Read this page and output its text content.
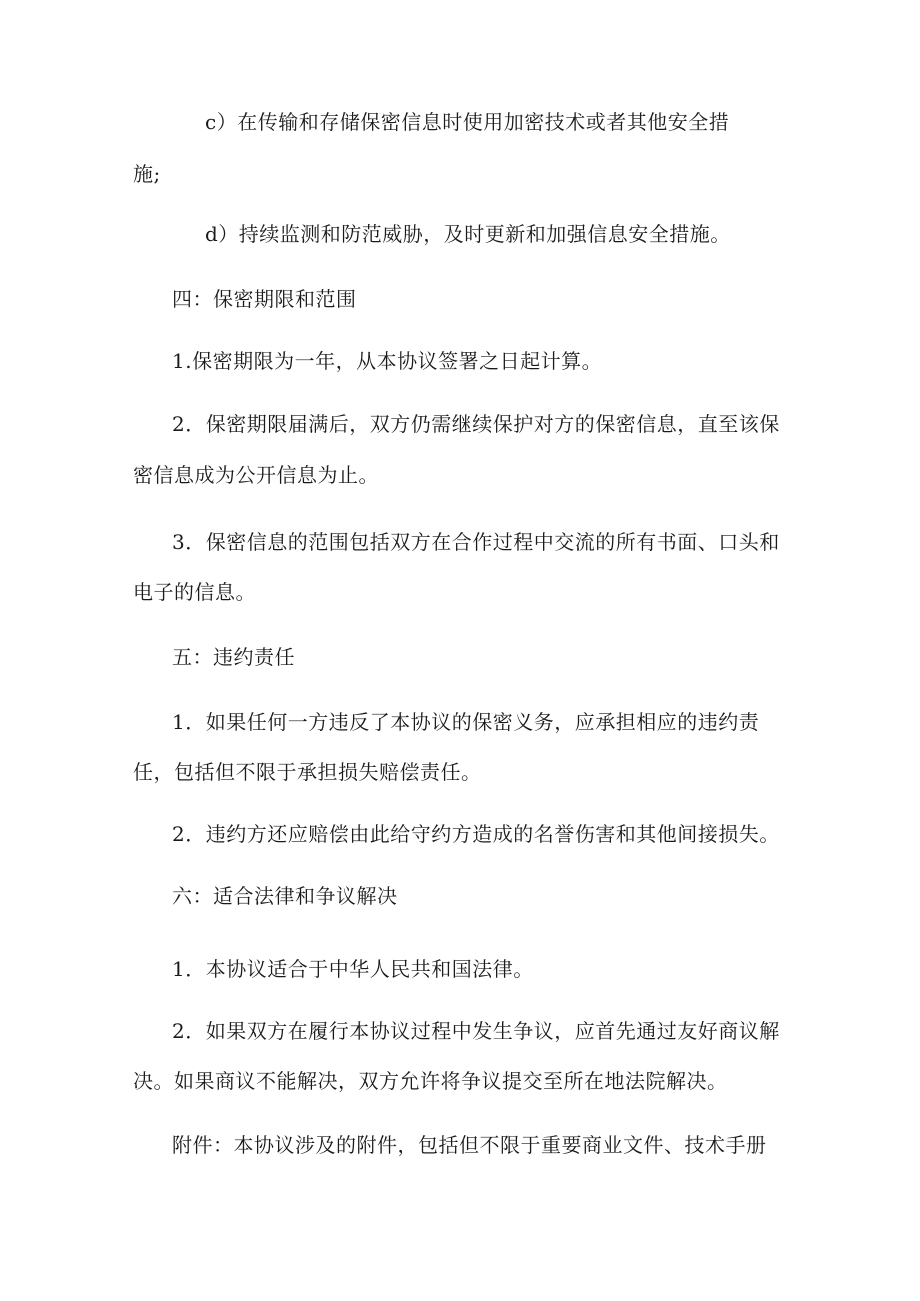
c）在传输和存储保密信息时使用加密技术或者其他安全措
施;
d）持续监测和防范威胁，及时更新和加强信息安全措施。
四：保密期限和范围
1.保密期限为一年，从本协议签署之日起计算。
2．保密期限届满后，双方仍需继续保护对方的保密信息，直至该保
密信息成为公开信息为止。
3．保密信息的范围包括双方在合作过程中交流的所有书面、口头和
电子的信息。
五：违约责任
1．如果任何一方违反了本协议的保密义务，应承担相应的违约责
任，包括但不限于承担损失赔偿责任。
2．违约方还应赔偿由此给守约方造成的名誉伤害和其他间接损失。
六：适合法律和争议解决
1．本协议适合于中华人民共和国法律。
2．如果双方在履行本协议过程中发生争议，应首先通过友好商议解
决。如果商议不能解决，双方允许将争议提交至所在地法院解决。
附件：本协议涉及的附件，包括但不限于重要商业文件、技术手册
